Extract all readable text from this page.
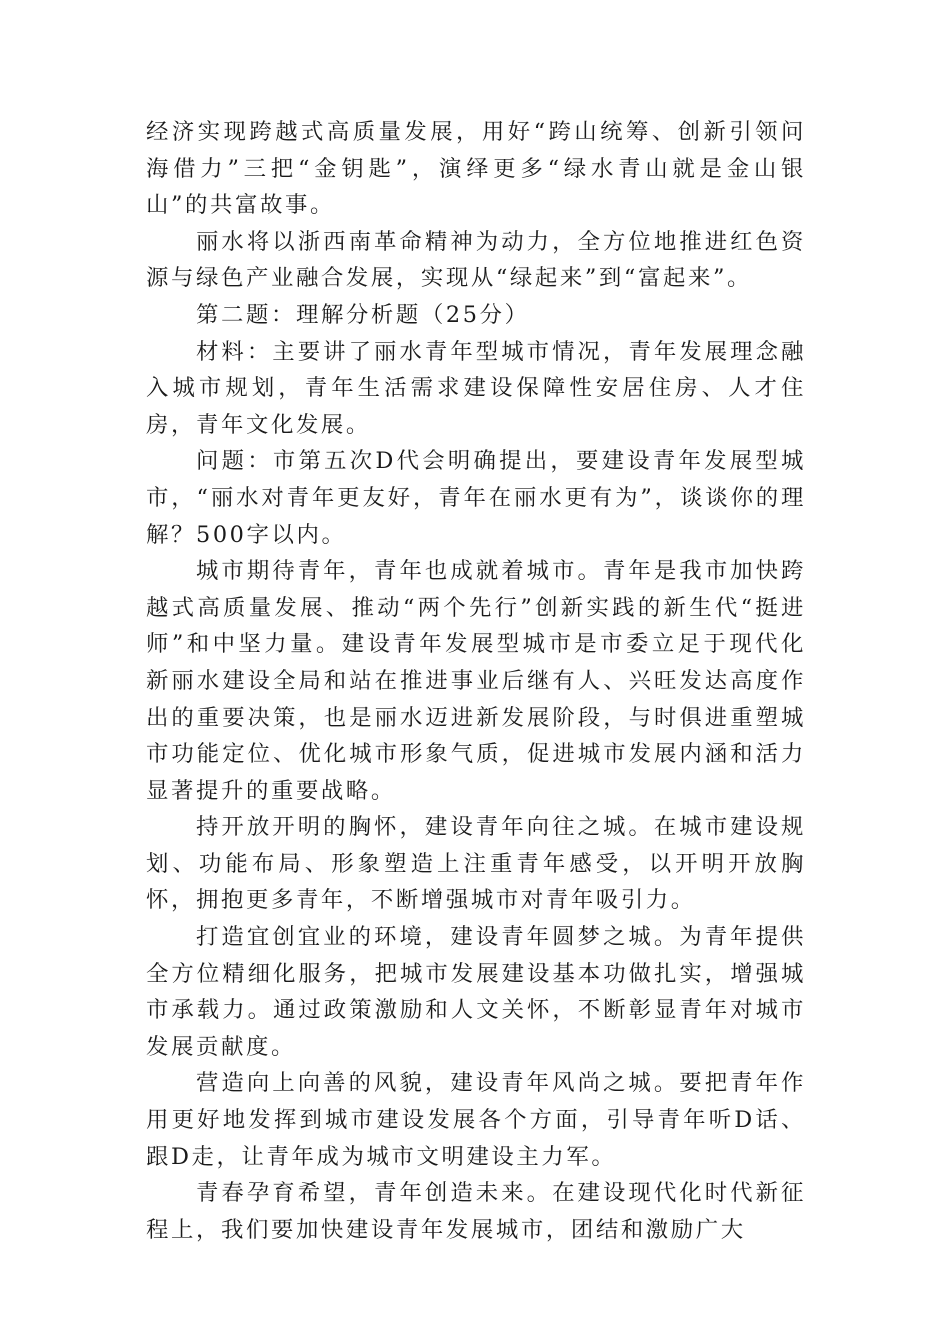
经济实现跨越式高质量发展，用好“跨山统筹、创新引领问海借力”三把“金钥匙”，演绎更多“绿水青山就是金山银山”的共富故事。

丽水将以浙西南革命精神为动力，全方位地推进红色资源与绿色产业融合发展，实现从“绿起来”到“富起来”。

第二题：理解分析题（25分）

材料：主要讲了丽水青年型城市情况，青年发展理念融入城市规划，青年生活需求建设保障性安居住房、人才住房，青年文化发展。

问题：市第五次D代会明确提出，要建设青年发展型城市，“丽水对青年更友好，青年在丽水更有为”，谈谈你的理解？500字以内。

城市期待青年，青年也成就着城市。青年是我市加快跨越式高质量发展、推动“两个先行”创新实践的新生代“挺进师”和中坚力量。建设青年发展型城市是市委立足于现代化新丽水建设全局和站在推进事业后继有人、兴旺发达高度作出的重要决策，也是丽水迈进新发展阶段，与时俱进重塑城市功能定位、优化城市形象气质，促进城市发展内涵和活力显著提升的重要战略。

持开放开明的胸怀，建设青年向往之城。在城市建设规划、功能布局、形象塑造上注重青年感受，以开明开放胸怀，拥抱更多青年，不断增强城市对青年吸引力。

打造宜创宜业的环境，建设青年圆梦之城。为青年提供全方位精细化服务，把城市发展建设基本功做扎实，增强城市承载力。通过政策激励和人文关怀，不断彰显青年对城市发展贡献度。

营造向上向善的风貌，建设青年风尚之城。要把青年作用更好地发挥到城市建设发展各个方面，引导青年听D话、跟D走，让青年成为城市文明建设主力军。

青春孕育希望，青年创造未来。在建设现代化时代新征程上，我们要加快建设青年发展城市，团结和激励广大
